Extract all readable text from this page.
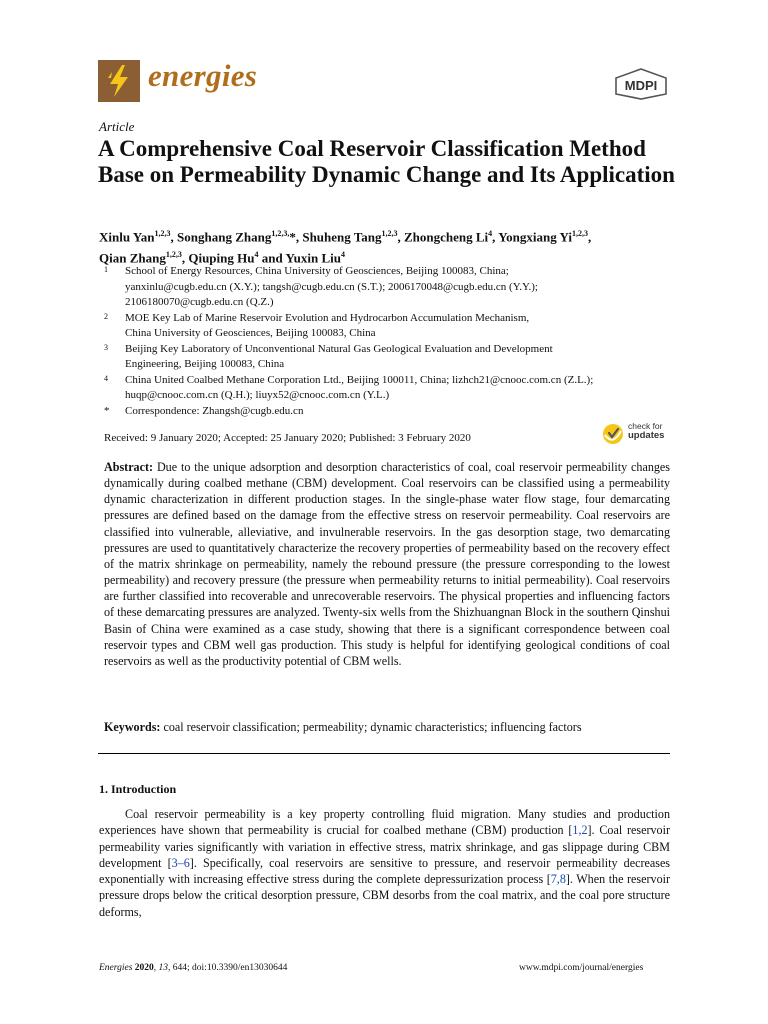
energies	MDPI
Article
A Comprehensive Coal Reservoir Classification Method Base on Permeability Dynamic Change and Its Application
Xinlu Yan$^{1,2,3}$, Songhang Zhang$^{1,2,3,}$*, Shuheng Tang$^{1,2,3}$, Zhongcheng Li$^4$, Yongxiang Yi$^{1,2,3}$,
Qian Zhang$^{1,2,3}$, Qiuping Hu$^4$ and Yuxin Liu$^4$
1 School of Energy Resources, China University of Geosciences, Beijing 100083, China;
yanxinlu@cugb.edu.cn (X.Y.); tangsh@cugb.edu.cn (S.T.); 2006170048@cugb.edu.cn (Y.Y.);
2106180070@cugb.edu.cn (Q.Z.)
2 MOE Key Lab of Marine Reservoir Evolution and Hydrocarbon Accumulation Mechanism,
China University of Geosciences, Beijing 100083, China
3 Beijing Key Laboratory of Unconventional Natural Gas Geological Evaluation and Development
Engineering, Beijing 100083, China
4 China United Coalbed Methane Corporation Ltd., Beijing 100011, China; lizhch21@cnooc.com.cn (Z.L.);
huqp@cnooc.com.cn (Q.H.); liuyx52@cnooc.com.cn (Y.L.)
* Correspondence: Zhangsh@cugb.edu.cn
Received: 9 January 2020; Accepted: 25 January 2020; Published: 3 February 2020
check for
updates
Abstract: Due to the unique adsorption and desorption characteristics of coal, coal reservoir permeability changes dynamically during coalbed methane (CBM) development. Coal reservoirs can be classified using a permeability dynamic characterization in different production stages. In the single-phase water flow stage, four demarcating pressures are defined based on the damage from the effective stress on reservoir permeability. Coal reservoirs are classified into vulnerable, alleviative, and invulnerable reservoirs. In the gas desorption stage, two demarcating pressures are used to quantitatively characterize the recovery properties of permeability based on the recovery effect of the matrix shrinkage on permeability, namely the rebound pressure (the pressure corresponding to the lowest permeability) and recovery pressure (the pressure when permeability returns to initial permeability). Coal reservoirs are further classified into recoverable and unrecoverable reservoirs. The physical properties and influencing factors of these demarcating pressures are analyzed. Twenty-six wells from the Shizhuangnan Block in the southern Qinshui Basin of China were examined as a case study, showing that there is a significant correspondence between coal reservoir types and CBM well gas production. This study is helpful for identifying geological conditions of coal reservoirs as well as the productivity potential of CBM wells.
Keywords: coal reservoir classification; permeability; dynamic characteristics; influencing factors
1. Introduction
Coal reservoir permeability is a key property controlling fluid migration. Many studies and production experiences have shown that permeability is crucial for coalbed methane (CBM) production [1,2]. Coal reservoir permeability varies significantly with variation in effective stress, matrix shrinkage, and gas slippage during CBM development [3–6]. Specifically, coal reservoirs are sensitive to pressure, and reservoir permeability decreases exponentially with increasing effective stress during the complete depressurization process [7,8]. When the reservoir pressure drops below the critical desorption pressure, CBM desorbs from the coal matrix, and the coal pore structure deforms,
Energies 2020, 13, 644; doi:10.3390/en13030644	www.mdpi.com/journal/energies
